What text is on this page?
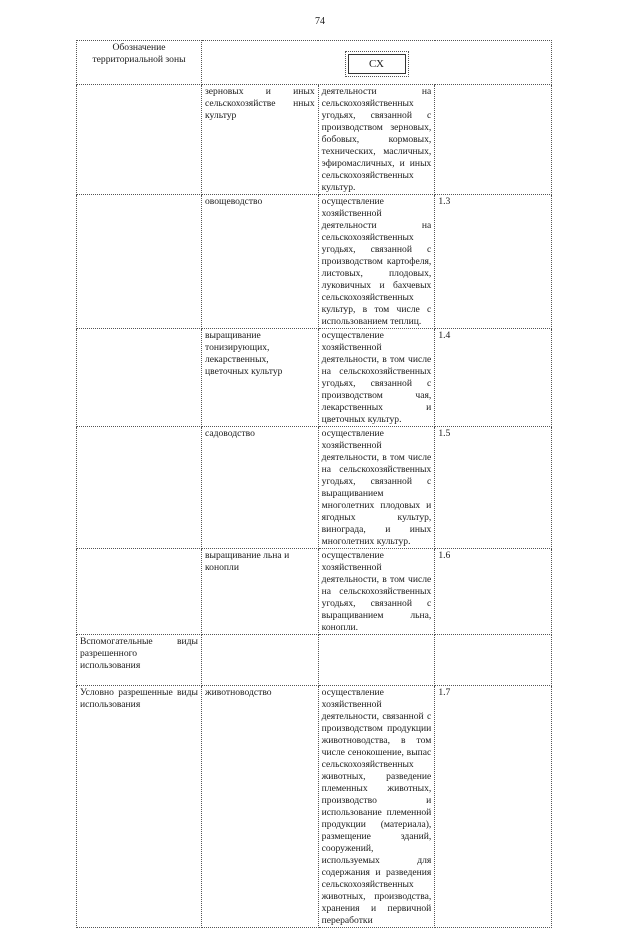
74
Обозначение территориальной зоны	СХ		

	зерновых и иных сельскохозяйстве нных культур	деятельности на сельскохозяйственных угодьях, связанной с производством зерновых, бобовых, кормовых, технических, масличных, эфиромасличных, и иных сельскохозяйственных культур.	
	овощеводство	осуществление хозяйственной деятельности на сельскохозяйственных угодьях, связанной с производством картофеля, листовых, плодовых, луковичных и бахчевых сельскохозяйственных культур, в том числе с использованием теплиц.	1.3
	выращивание тонизирующих, лекарственных, цветочных культур	осуществление хозяйственной деятельности, в том числе на сельскохозяйственных угодьях, связанной с производством чая, лекарственных и цветочных культур.	1.4
	садоводство	осуществление хозяйственной деятельности, в том числе на сельскохозяйственных угодьях, связанной с выращиванием многолетних плодовых и ягодных культур, винограда, и иных многолетних культур.	1.5
	выращивание льна и конопли	осуществление хозяйственной деятельности, в том числе на сельскохозяйственных угодьях, связанной с выращиванием льна, конопли.	1.6
Вспомогательные виды разрешенного использования			
Условно разрешенные виды использования	животноводство	осуществление хозяйственной деятельности, связанной с производством продукции животноводства, в том числе сенокошение, выпас сельскохозяйственных животных, разведение племенных животных, производство и использование племенной продукции (материала), размещение зданий, сооружений, используемых для содержания и разведения сельскохозяйственных животных, производства, хранения и первичной переработки	1.7
